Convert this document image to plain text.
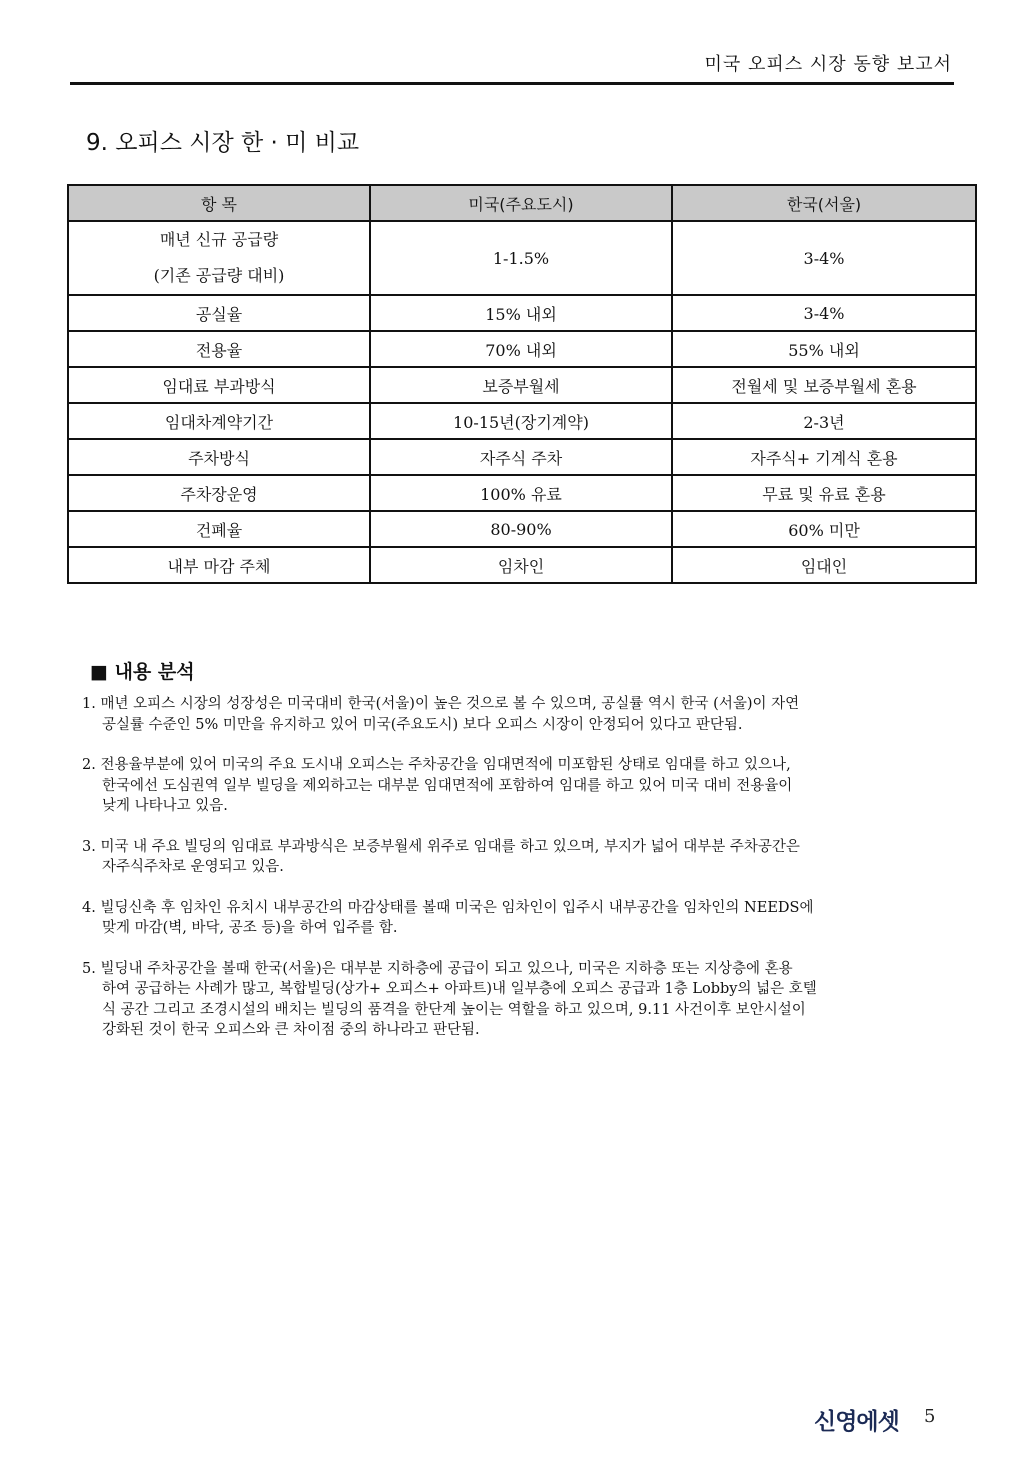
미국 오피스 시장 동향 보고서
9. 오피스 시장 한 · 미 비교
항 목	미국(주요도시)	한국(서울)
매년 신규 공급량
(기존 공급량 대비)	1-1.5%	3-4%
공실율	15% 내외	3-4%
전용율	70% 내외	55% 내외
임대료 부과방식	보증부월세	전월세 및 보증부월세 혼용
임대차계약기간	10-15년(장기계약)	2-3년
주차방식	자주식 주차	자주식+ 기계식 혼용
주차장운영	100% 유료	무료 및 유료 혼용
건폐율	80-90%	60% 미만
내부 마감 주체	임차인	임대인
■ 내용 분석

1. 매년 오피스 시장의 성장성은 미국대비 한국(서울)이 높은 것으로 볼 수 있으며, 공실률 역시 한국 (서울)이 자연

공실률 수준인 5% 미만을 유지하고 있어 미국(주요도시) 보다 오피스 시장이 안정되어 있다고 판단됨.

2. 전용율부분에 있어 미국의 주요 도시내 오피스는 주차공간을 임대면적에 미포함된 상태로 임대를 하고 있으나,

한국에선 도심권역 일부 빌딩을 제외하고는 대부분 임대면적에 포함하여 임대를 하고 있어 미국 대비 전용율이

낮게 나타나고 있음.

3. 미국 내 주요 빌딩의 임대료 부과방식은 보증부월세 위주로 임대를 하고 있으며, 부지가 넓어 대부분 주차공간은

자주식주차로 운영되고 있음.

4. 빌딩신축 후 임차인 유치시 내부공간의 마감상태를 볼때 미국은 임차인이 입주시 내부공간을 임차인의 NEEDS에

맞게 마감(벽, 바닥, 공조 등)을 하여 입주를 함.

5. 빌딩내 주차공간을 볼때 한국(서울)은 대부분 지하층에 공급이 되고 있으나, 미국은 지하층 또는 지상층에 혼용

하여 공급하는 사례가 많고, 복합빌딩(상가+ 오피스+ 아파트)내 일부층에 오피스 공급과 1층 Lobby의 넓은 호텔

식 공간 그리고 조경시설의 배치는 빌딩의 품격을 한단계 높이는 역할을 하고 있으며, 9.11 사건이후 보안시설이

강화된 것이 한국 오피스와 큰 차이점 중의 하나라고 판단됨.

신영에셋 5
